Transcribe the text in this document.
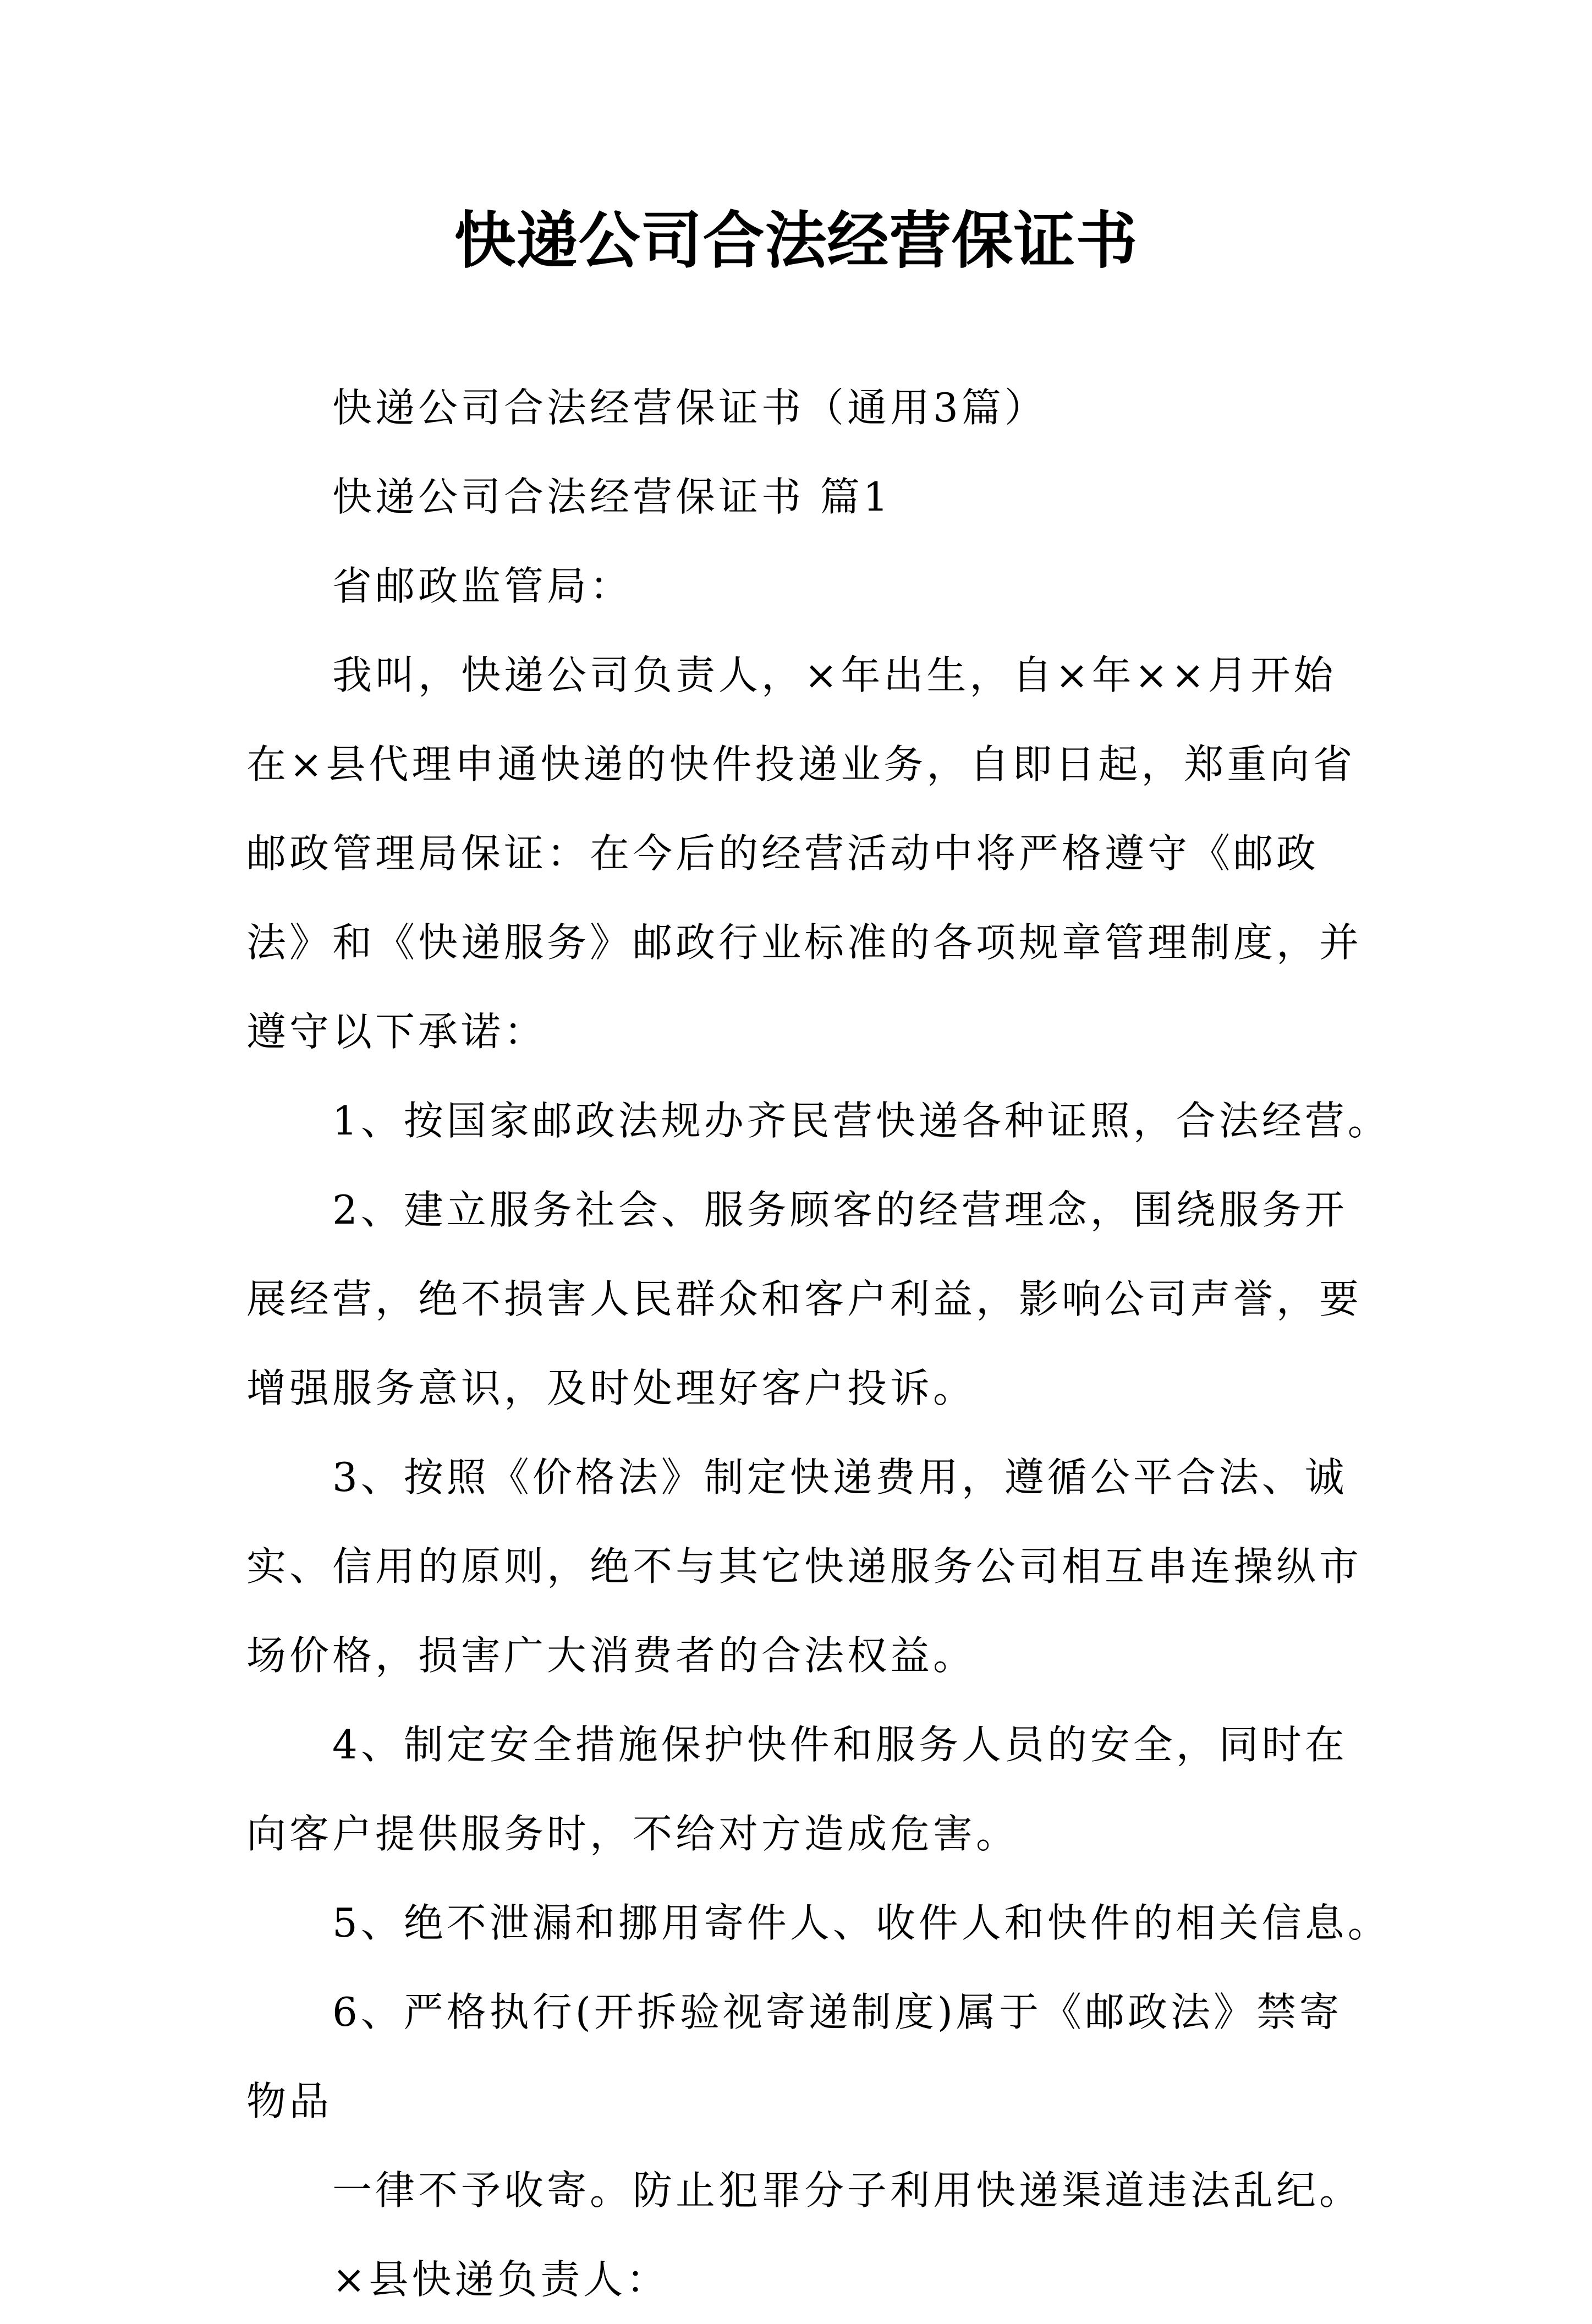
快递公司合法经营保证书

快递公司合法经营保证书（通用3篇）

快递公司合法经营保证书 篇1

省邮政监管局：

我叫，快递公司负责人，×年出生，自×年××月开始在×县代理申通快递的快件投递业务，自即日起，郑重向省邮政管理局保证：在今后的经营活动中将严格遵守《邮政法》和《快递服务》邮政行业标准的各项规章管理制度，并遵守以下承诺：

1、按国家邮政法规办齐民营快递各种证照，合法经营。

2、建立服务社会、服务顾客的经营理念，围绕服务开展经营，绝不损害人民群众和客户利益，影响公司声誉，要增强服务意识，及时处理好客户投诉。

3、按照《价格法》制定快递费用，遵循公平合法、诚实、信用的原则，绝不与其它快递服务公司相互串连操纵市场价格，损害广大消费者的合法权益。

4、制定安全措施保护快件和服务人员的安全，同时在向客户提供服务时，不给对方造成危害。

5、绝不泄漏和挪用寄件人、收件人和快件的相关信息。

6、严格执行(开拆验视寄递制度)属于《邮政法》禁寄物品

一律不予收寄。防止犯罪分子利用快递渠道违法乱纪。

×县快递负责人：
